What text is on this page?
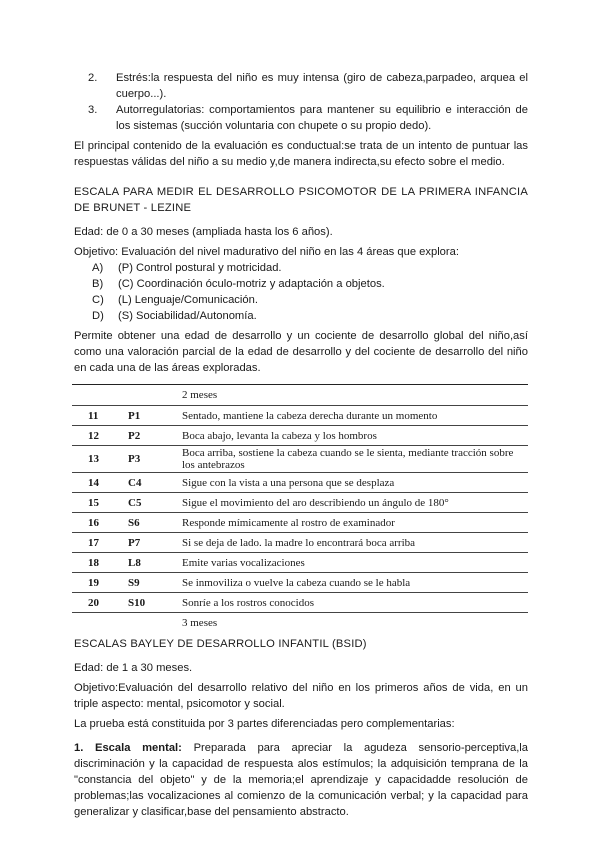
2.	Estrés:la respuesta del niño es muy intensa (giro de cabeza,parpadeo, arquea el cuerpo...).
3.	Autorregulatorias: comportamientos para mantener su equilibrio e interacción de los sistemas (succión voluntaria con chupete o su propio dedo).

El principal contenido de la evaluación es conductual:se trata de un intento de puntuar las respuestas válidas del niño a su medio y,de manera indirecta,su efecto sobre el medio.

ESCALA PARA MEDIR EL DESARROLLO PSICOMOTOR DE LA PRIMERA INFANCIA DE BRUNET - LEZINE

Edad: de 0 a 30 meses (ampliada hasta los 6 años).

Objetivo: Evaluación del nivel madurativo del niño en las 4 áreas que explora:

A)	(P) Control postural y motricidad.
B)	(C) Coordinación óculo-motriz y adaptación a objetos.
C)	(L) Lenguaje/Comunicación.
D)	(S) Sociabilidad/Autonomía.

Permite obtener una edad de desarrollo y un cociente de desarrollo global del niño,así como una valoración parcial de la edad de desarrollo y del cociente de desarrollo del niño en cada una de las áreas exploradas.

		2 meses
11	P1	Sentado, mantiene la cabeza derecha durante un momento
12	P2	Boca abajo, levanta la cabeza y los hombros
13	P3	Boca arriba, sostiene la cabeza cuando se le sienta, mediante tracción sobre los antebrazos
14	C4	Sigue con la vista a una persona que se desplaza
15	C5	Sigue el movimiento del aro describiendo un ángulo de 180°
16	S6	Responde mímicamente al rostro de examinador
17	P7	Si se deja de lado. la madre lo encontrará boca arriba
18	L8	Emite varias vocalizaciones
19	S9	Se inmoviliza o vuelve la cabeza cuando se le habla
20	S10	Sonríe a los rostros conocidos
		3 meses

ESCALAS BAYLEY DE DESARROLLO INFANTIL (BSID)

Edad: de 1 a 30 meses.

Objetivo:Evaluación del desarrollo relativo del niño en los primeros años de vida, en un triple aspecto: mental, psicomotor y social.

La prueba está constituida por 3 partes diferenciadas pero complementarias:

1. Escala mental: Preparada para apreciar la agudeza sensorio-perceptiva,la discriminación y la capacidad de respuesta alos estímulos; la adquisición temprana de la "constancia del objeto" y de la memoria;el aprendizaje y capacidadde resolución de problemas;las vocalizaciones al comienzo de la comunicación verbal; y la capacidad para generalizar y clasificar,base del pensamiento abstracto.
